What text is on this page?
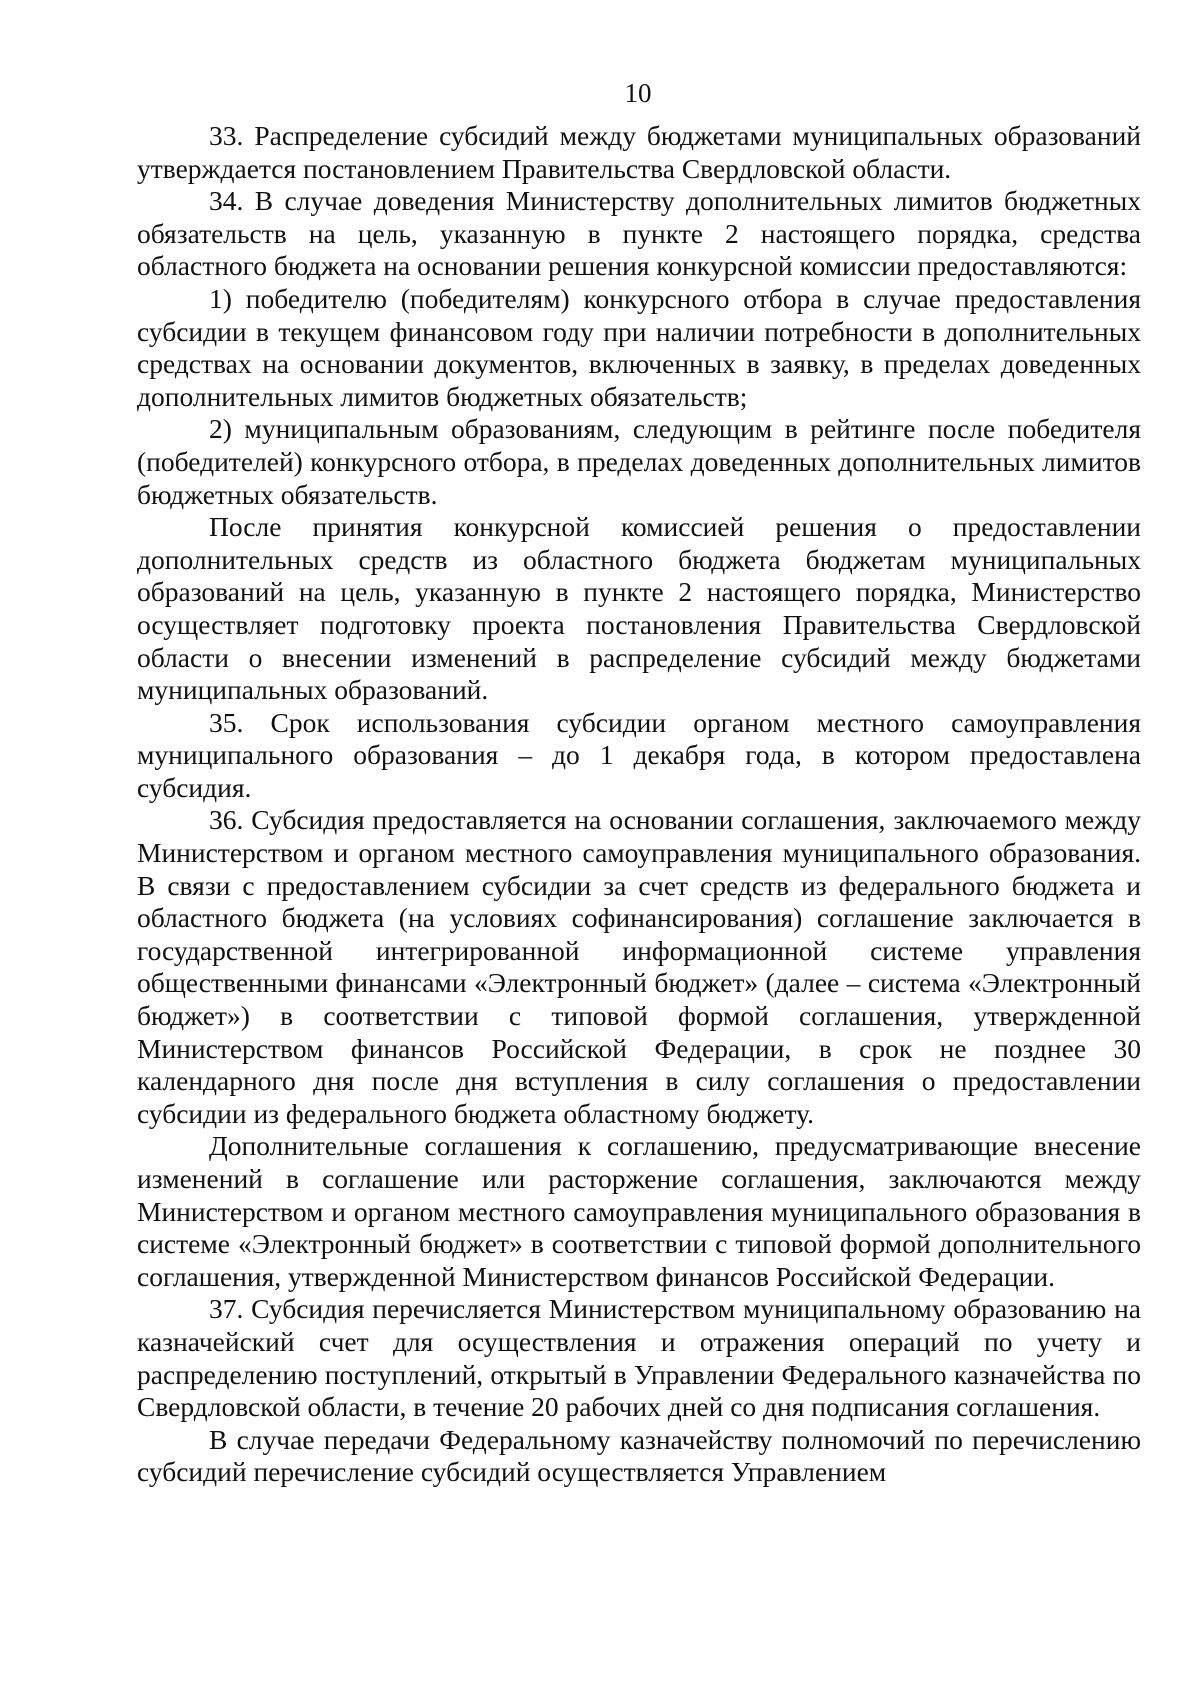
10

33. Распределение субсидий между бюджетами муниципальных образований утверждается постановлением Правительства Свердловской области.

34. В случае доведения Министерству дополнительных лимитов бюджетных обязательств на цель, указанную в пункте 2 настоящего порядка, средства областного бюджета на основании решения конкурсной комиссии предоставляются:

1) победителю (победителям) конкурсного отбора в случае предоставления субсидии в текущем финансовом году при наличии потребности в дополнительных средствах на основании документов, включенных в заявку, в пределах доведенных дополнительных лимитов бюджетных обязательств;

2) муниципальным образованиям, следующим в рейтинге после победителя (победителей) конкурсного отбора, в пределах доведенных дополнительных лимитов бюджетных обязательств.

После принятия конкурсной комиссией решения о предоставлении дополнительных средств из областного бюджета бюджетам муниципальных образований на цель, указанную в пункте 2 настоящего порядка, Министерство осуществляет подготовку проекта постановления Правительства Свердловской области о внесении изменений в распределение субсидий между бюджетами муниципальных образований.

35. Срок использования субсидии органом местного самоуправления муниципального образования – до 1 декабря года, в котором предоставлена субсидия.

36. Субсидия предоставляется на основании соглашения, заключаемого между Министерством и органом местного самоуправления муниципального образования. В связи с предоставлением субсидии за счет средств из федерального бюджета и областного бюджета (на условиях софинансирования) соглашение заключается в государственной интегрированной информационной системе управления общественными финансами «Электронный бюджет» (далее – система «Электронный бюджет») в соответствии с типовой формой соглашения, утвержденной Министерством финансов Российской Федерации, в срок не позднее 30 календарного дня после дня вступления в силу соглашения о предоставлении субсидии из федерального бюджета областному бюджету.

Дополнительные соглашения к соглашению, предусматривающие внесение изменений в соглашение или расторжение соглашения, заключаются между Министерством и органом местного самоуправления муниципального образования в системе «Электронный бюджет» в соответствии с типовой формой дополнительного соглашения, утвержденной Министерством финансов Российской Федерации.

37. Субсидия перечисляется Министерством муниципальному образованию на казначейский счет для осуществления и отражения операций по учету и распределению поступлений, открытый в Управлении Федерального казначейства по Свердловской области, в течение 20 рабочих дней со дня подписания соглашения.

В случае передачи Федеральному казначейству полномочий по перечислению субсидий перечисление субсидий осуществляется Управлением
